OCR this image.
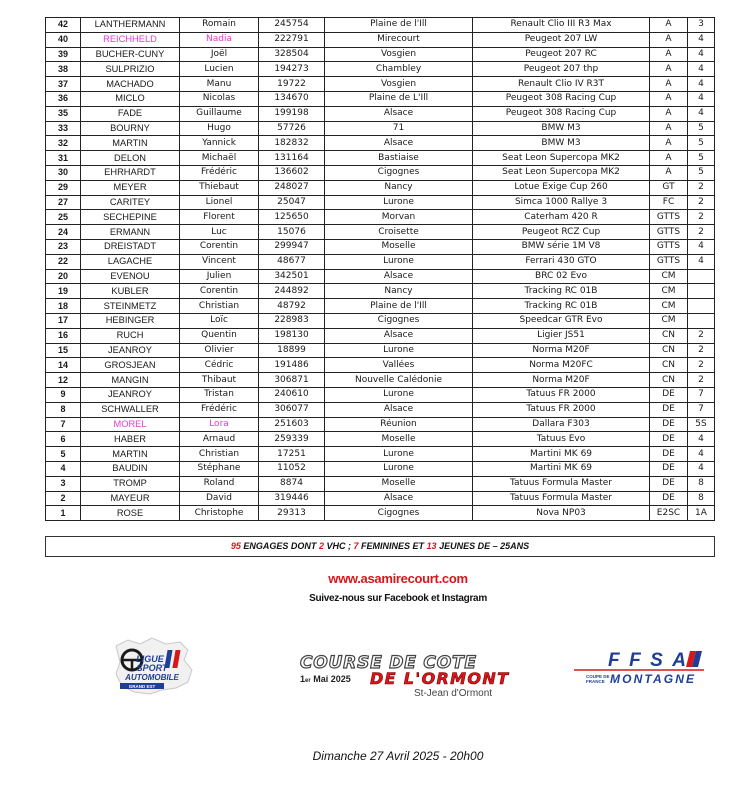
42	LANTHERMANN	Romain	245754	Plaine de l'Ill	Renault Clio III R3 Max	A	3
40	REICHHELD	Nadia	222791	Mirecourt	Peugeot 207 LW	A	4
39	BUCHER-CUNY	Joël	328504	Vosgien	Peugeot 207 RC	A	4
38	SULPRIZIO	Lucien	194273	Chambley	Peugeot 207 thp	A	4
37	MACHADO	Manu	19722	Vosgien	Renault Clio IV R3T	A	4
36	MICLO	Nicolas	134670	Plaine de L'Ill	Peugeot 308 Racing Cup	A	4
35	FADE	Guillaume	199198	Alsace	Peugeot 308 Racing Cup	A	4
33	BOURNY	Hugo	57726	71	BMW M3	A	5
32	MARTIN	Yannick	182832	Alsace	BMW M3	A	5
31	DELON	Michaël	131164	Bastiaise	Seat Leon Supercopa MK2	A	5
30	EHRHARDT	Frédéric	136602	Cigognes	Seat Leon Supercopa MK2	A	5
29	MEYER	Thiebaut	248027	Nancy	Lotue Exige Cup 260	GT	2
27	CARITEY	Lionel	25047	Lurone	Simca 1000 Rallye 3	FC	2
25	SECHEPINE	Florent	125650	Morvan	Caterham 420 R	GTTS	2
24	ERMANN	Luc	15076	Croisette	Peugeot RCZ Cup	GTTS	2
23	DREISTADT	Corentin	299947	Moselle	BMW série 1M V8	GTTS	4
22	LAGACHE	Vincent	48677	Lurone	Ferrari 430 GTO	GTTS	4
20	EVENOU	Julien	342501	Alsace	BRC 02 Evo	CM	
19	KUBLER	Corentin	244892	Nancy	Tracking RC 01B	CM	
18	STEINMETZ	Christian	48792	Plaine de l'Ill	Tracking RC 01B	CM	
17	HEBINGER	Loïc	228983	Cigognes	Speedcar GTR Evo	CM	
16	RUCH	Quentin	198130	Alsace	Ligier JS51	CN	2
15	JEANROY	Olivier	18899	Lurone	Norma M20F	CN	2
14	GROSJEAN	Cédric	191486	Vallées	Norma M20FC	CN	2
12	MANGIN	Thibaut	306871	Nouvelle Calédonie	Norma M20F	CN	2
9	JEANROY	Tristan	240610	Lurone	Tatuus FR 2000	DE	7
8	SCHWALLER	Frédéric	306077	Alsace	Tatuus FR 2000	DE	7
7	MOREL	Lora	251603	Réunion	Dallara F303	DE	5S
6	HABER	Arnaud	259339	Moselle	Tatuus Evo	DE	4
5	MARTIN	Christian	17251	Lurone	Martini MK 69	DE	4
4	BAUDIN	Stéphane	11052	Lurone	Martini MK 69	DE	4
3	TROMP	Roland	8874	Moselle	Tatuus Formula Master	DE	8
2	MAYEUR	David	319446	Alsace	Tatuus Formula Master	DE	8
1	ROSE	Christophe	29313	Cigognes	Nova NP03	E2SC	1A
95 ENGAGES DONT 2 VHC ; 7 FEMININES ET 13 JEUNES DE – 25ANS
www.asamirecourt.com
Suivez-nous sur Facebook et Instagram
LIGUE
SPORT
AUTOMOBILE
GRAND EST
COURSE DE COTE
1er Mai 2025 DE L'ORMONT
St-Jean d'Ormont
FFSA
COUPE DE
FRANCE MONTAGNE
Dimanche 27 Avril 2025 - 20h00
